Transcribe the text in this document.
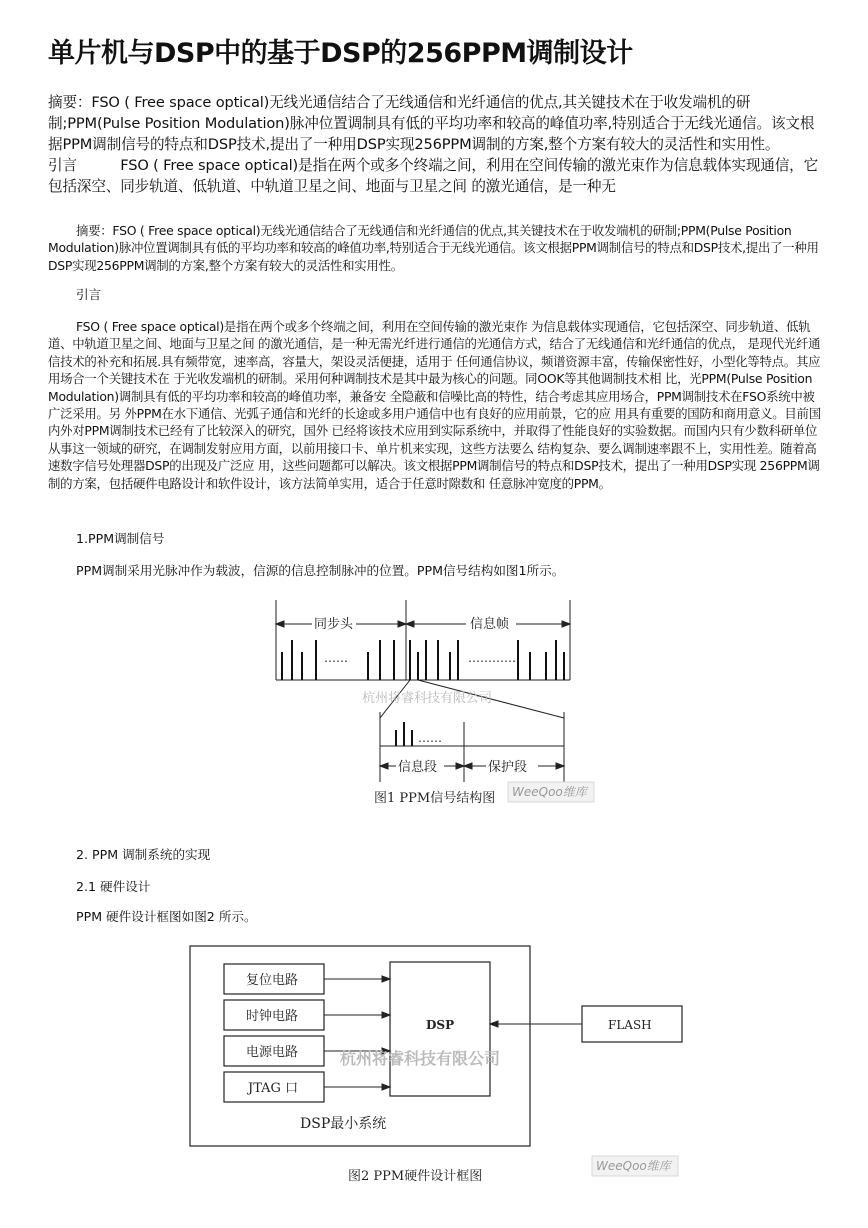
单片机与DSP中的基于DSP的256PPM调制设计

摘要：FSO ( Free space optical)无线光通信结合了无线通信和光纤通信的优点,其关键技术在于收发端机的研制;PPM(Pulse Position Modulation)脉冲位置调制具有低的平均功率和较高的峰值功率,特别适合于无线光通信。该文根据PPM调制信号的特点和DSP技术,提出了一种用DSP实现256PPM调制的方案,整个方案有较大的灵活性和实用性。　　　引言　　　FSO ( Free space optical)是指在两个或多个终端之间，利用在空间传输的激光束作为信息载体实现通信，它包括深空、同步轨道、低轨道、中轨道卫星之间、地面与卫星之间 的激光通信，是一种无

摘要：FSO ( Free space optical)无线光通信结合了无线通信和光纤通信的优点,其关键技术在于收发端机的研制;PPM(Pulse Position Modulation)脉冲位置调制具有低的平均功率和较高的峰值功率,特别适合于无线光通信。该文根据PPM调制信号的特点和DSP技术,提出了一种用DSP实现256PPM调制的方案,整个方案有较大的灵活性和实用性。

引言

FSO ( Free space optical)是指在两个或多个终端之间，利用在空间传输的激光束作 为信息载体实现通信，它包括深空、同步轨道、低轨道、中轨道卫星之间、地面与卫星之间 的激光通信，是一种无需光纤进行通信的光通信方式，结合了无线通信和光纤通信的优点， 是现代光纤通信技术的补充和拓展.具有频带宽，速率高，容量大，架设灵活便捷，适用于 任何通信协议，频谱资源丰富，传输保密性好，小型化等特点。其应用场合一个关键技术在 于光收发端机的研制。采用何种调制技术是其中最为核心的问题。同OOK等其他调制技术相 比，光PPM(Pulse Position Modulation)调制具有低的平均功率和较高的峰值功率，兼备安 全隐蔽和信噪比高的特性，结合考虑其应用场合，PPM调制技术在FSO系统中被广泛采用。另 外PPM在水下通信、光弧子通信和光纤的长途或多用户通信中也有良好的应用前景，它的应 用具有重要的国防和商用意义。目前国内外对PPM调制技术已经有了比较深入的研究，国外 已经将该技术应用到实际系统中，并取得了性能良好的实验数据。而国内只有少数科研单位 从事这一领域的研究，在调制发射应用方面，以前用接口卡、单片机来实现，这些方法要么 结构复杂、要么调制速率跟不上，实用性差。随着高速数字信号处理器DSP的出现及广泛应 用，这些问题都可以解决。该文根据PPM调制信号的特点和DSP技术，提出了一种用DSP实现 256PPM调制的方案，包括硬件电路设计和软件设计，该方法简单实用，适合于任意时隙数和 任意脉冲宽度的PPM。

1.PPM调制信号

PPM调制采用光脉冲作为载波，信源的信息控制脉冲的位置。PPM信号结构如图1所示。

同步头	信息帧
……	…………
……
信息段	保护段
图1 PPM信号结构图
杭州将睿科技有限公司
WeeQoo维库

2. PPM 调制系统的实现

2.1 硬件设计

PPM 硬件设计框图如图2 所示。

复位电路
时钟电路
电源电路
JTAG 口
DSP	FLASH
DSP最小系统
图2 PPM硬件设计框图
杭州将睿科技有限公司
WeeQoo维库
